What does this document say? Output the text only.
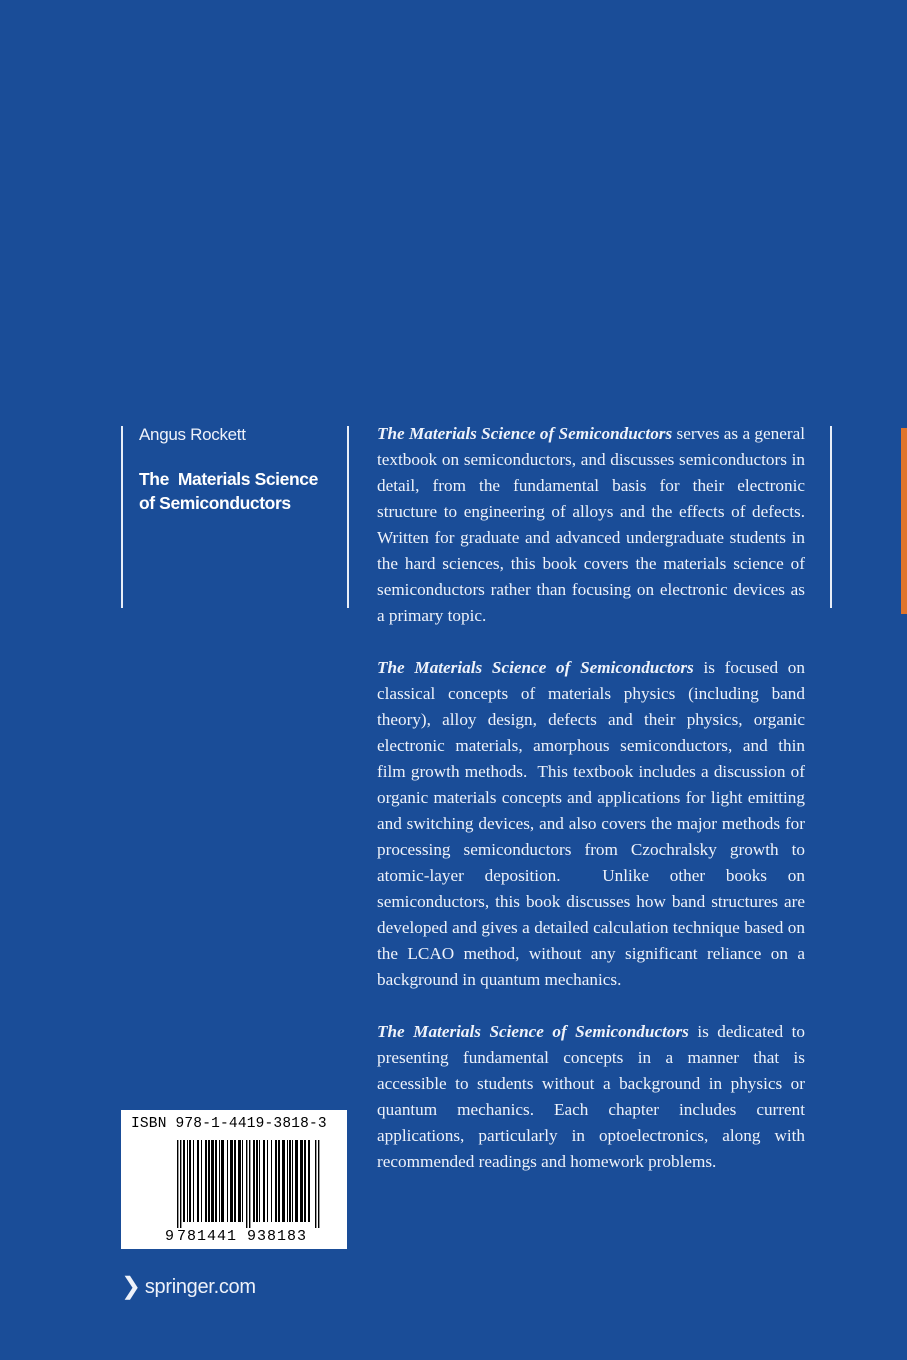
Angus Rockett
The  Materials Science
of Semiconductors

The Materials Science of Semiconductors serves as a general textbook on semiconductors, and discusses semiconductors in detail, from the fundamental basis for their electronic structure to engineering of alloys and the effects of defects. Written for graduate and advanced undergraduate students in the hard sciences, this book covers the materials science of semiconductors rather than focusing on electronic devices as a primary topic.

The Materials Science of Semiconductors is focused on classical concepts of materials physics (including band theory), alloy design, defects and their physics, organic electronic materials, amorphous semiconductors, and thin film growth methods.  This textbook includes a discussion of organic materials concepts and applications for light emitting and switching devices, and also covers the major methods for processing semiconductors from Czochralsky growth to atomic-layer deposition.  Unlike other books on semiconductors, this book discusses how band structures are developed and gives a detailed calculation technique based on the LCAO method, without any significant reliance on a background in quantum mechanics.

The Materials Science of Semiconductors is dedicated to presenting fundamental concepts in a manner that is accessible to students without a background in physics or quantum mechanics. Each chapter includes current applications, particularly in optoelectronics, along with recommended readings and homework problems.

ISBN 978-1-4419-3818-3
9 781441 938183
❯ springer.com
